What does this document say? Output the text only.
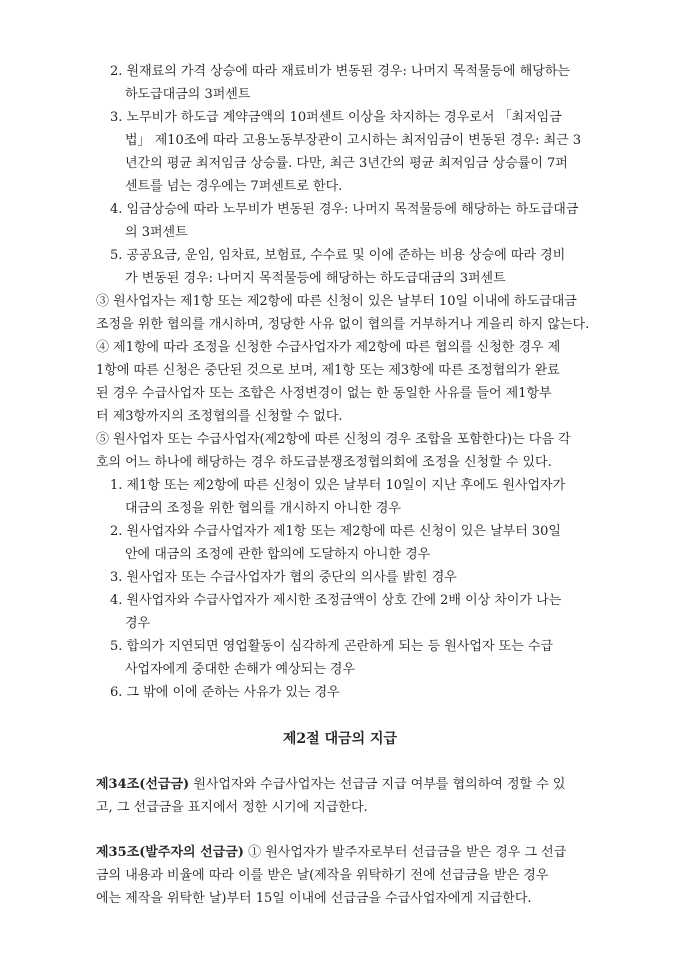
2. 원재료의 가격 상승에 따라 재료비가 변동된 경우: 나머지 목적물등에 해당하는
하도급대금의 3퍼센트
3. 노무비가 하도급 계약금액의 10퍼센트 이상을 차지하는 경우로서 「최저임금
법」 제10조에 따라 고용노동부장관이 고시하는 최저임금이 변동된 경우: 최근 3
년간의 평균 최저임금 상승률. 다만, 최근 3년간의 평균 최저임금 상승률이 7퍼
센트를 넘는 경우에는 7퍼센트로 한다.
4. 임금상승에 따라 노무비가 변동된 경우: 나머지 목적물등에 해당하는 하도급대금
의 3퍼센트
5. 공공요금, 운임, 임차료, 보험료, 수수료 및 이에 준하는 비용 상승에 따라 경비
가 변동된 경우: 나머지 목적물등에 해당하는 하도급대금의 3퍼센트
③ 원사업자는 제1항 또는 제2항에 따른 신청이 있은 날부터 10일 이내에 하도급대금
조정을 위한 협의를 개시하며, 정당한 사유 없이 협의를 거부하거나 게을리 하지 않는다.
④ 제1항에 따라 조정을 신청한 수급사업자가 제2항에 따른 협의를 신청한 경우 제
1항에 따른 신청은 중단된 것으로 보며, 제1항 또는 제3항에 따른 조정협의가 완료
된 경우 수급사업자 또는 조합은 사정변경이 없는 한 동일한 사유를 들어 제1항부
터 제3항까지의 조정협의를 신청할 수 없다.
⑤ 원사업자 또는 수급사업자(제2항에 따른 신청의 경우 조합을 포함한다)는 다음 각
호의 어느 하나에 해당하는 경우 하도급분쟁조정협의회에 조정을 신청할 수 있다.
1. 제1항 또는 제2항에 따른 신청이 있은 날부터 10일이 지난 후에도 원사업자가
대금의 조정을 위한 협의를 개시하지 아니한 경우
2. 원사업자와 수급사업자가 제1항 또는 제2항에 따른 신청이 있은 날부터 30일
안에 대금의 조정에 관한 합의에 도달하지 아니한 경우
3. 원사업자 또는 수급사업자가 협의 중단의 의사를 밝힌 경우
4. 원사업자와 수급사업자가 제시한 조정금액이 상호 간에 2배 이상 차이가 나는
경우
5. 합의가 지연되면 영업활동이 심각하게 곤란하게 되는 등 원사업자 또는 수급
사업자에게 중대한 손해가 예상되는 경우
6. 그 밖에 이에 준하는 사유가 있는 경우
제2절 대금의 지급
제34조(선급금) 원사업자와 수급사업자는 선급금 지급 여부를 협의하여 정할 수 있
고, 그 선급금을 표지에서 정한 시기에 지급한다.
제35조(발주자의 선급금) ① 원사업자가 발주자로부터 선급금을 받은 경우 그 선급
금의 내용과 비율에 따라 이를 받은 날(제작을 위탁하기 전에 선급금을 받은 경우
에는 제작을 위탁한 날)부터 15일 이내에 선급금을 수급사업자에게 지급한다.
